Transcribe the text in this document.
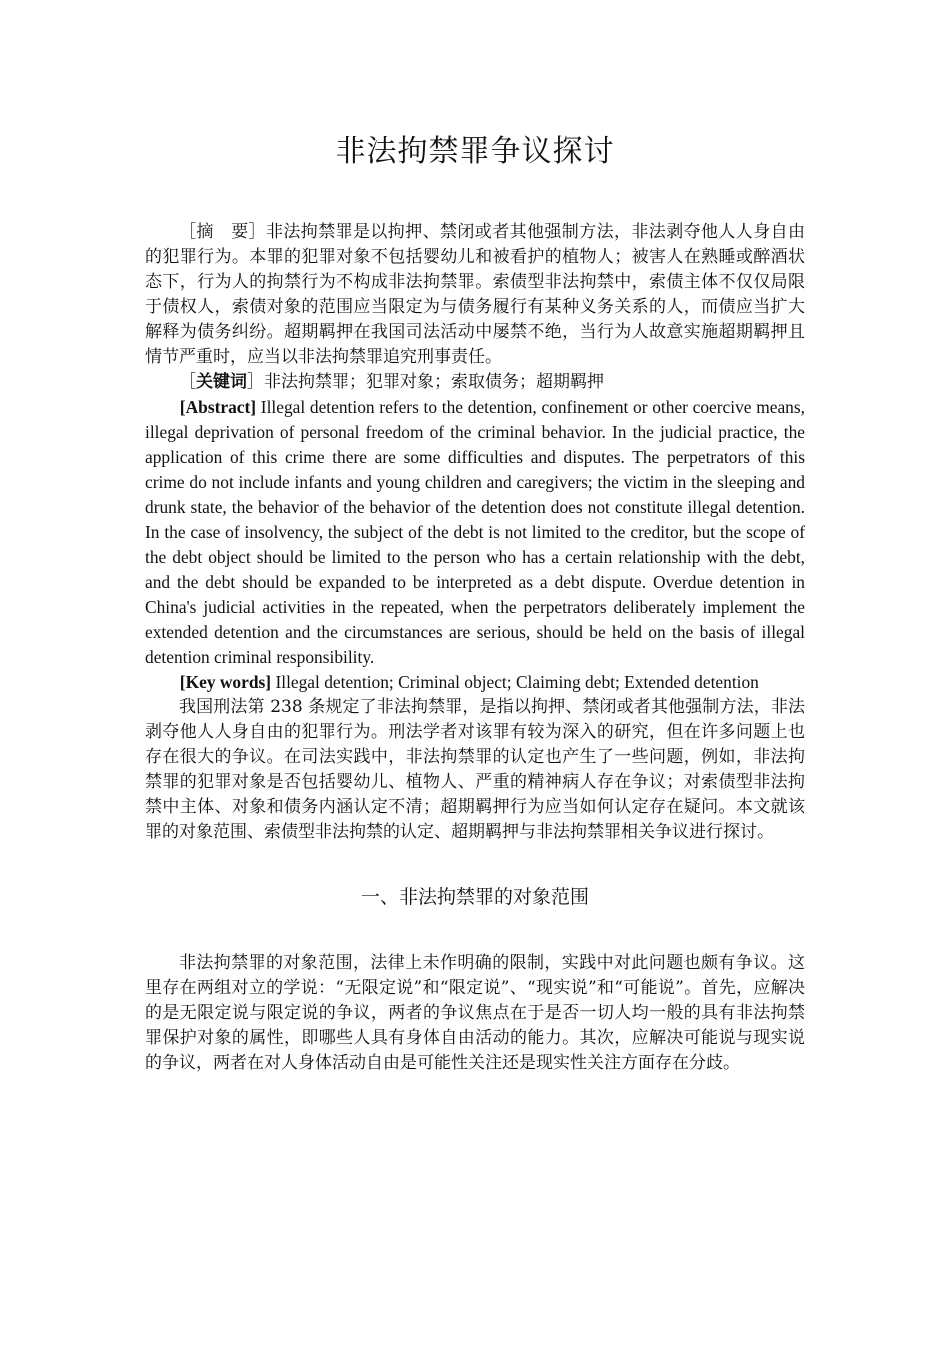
非法拘禁罪争议探讨

［摘　要］非法拘禁罪是以拘押、禁闭或者其他强制方法，非法剥夺他人人身自由的犯罪行为。本罪的犯罪对象不包括婴幼儿和被看护的植物人；被害人在熟睡或醉酒状态下，行为人的拘禁行为不构成非法拘禁罪。索债型非法拘禁中，索债主体不仅仅局限于债权人，索债对象的范围应当限定为与债务履行有某种义务关系的人，而债应当扩大解释为债务纠纷。超期羁押在我国司法活动中屡禁不绝，当行为人故意实施超期羁押且情节严重时，应当以非法拘禁罪追究刑事责任。

［关键词］非法拘禁罪；犯罪对象；索取债务；超期羁押

[Abstract] Illegal detention refers to the detention, confinement or other coercive means, illegal deprivation of personal freedom of the criminal behavior. In the judicial practice, the application of this crime there are some difficulties and disputes. The perpetrators of this crime do not include infants and young children and caregivers; the victim in the sleeping and drunk state, the behavior of the behavior of the detention does not constitute illegal detention. In the case of insolvency, the subject of the debt is not limited to the creditor, but the scope of the debt object should be limited to the person who has a certain relationship with the debt, and the debt should be expanded to be interpreted as a debt dispute. Overdue detention in China's judicial activities in the repeated, when the perpetrators deliberately implement the extended detention and the circumstances are serious, should be held on the basis of illegal detention criminal responsibility.

[Key words] Illegal detention; Criminal object; Claiming debt; Extended detention

我国刑法第 238 条规定了非法拘禁罪，是指以拘押、禁闭或者其他强制方法，非法剥夺他人人身自由的犯罪行为。刑法学者对该罪有较为深入的研究，但在许多问题上也存在很大的争议。在司法实践中，非法拘禁罪的认定也产生了一些问题，例如，非法拘禁罪的犯罪对象是否包括婴幼儿、植物人、严重的精神病人存在争议；对索债型非法拘禁中主体、对象和债务内涵认定不清；超期羁押行为应当如何认定存在疑问。本文就该罪的对象范围、索债型非法拘禁的认定、超期羁押与非法拘禁罪相关争议进行探讨。

一、非法拘禁罪的对象范围

非法拘禁罪的对象范围，法律上未作明确的限制，实践中对此问题也颇有争议。这里存在两组对立的学说：“无限定说”和“限定说”、“现实说”和“可能说”。首先，应解决的是无限定说与限定说的争议，两者的争议焦点在于是否一切人均一般的具有非法拘禁罪保护对象的属性，即哪些人具有身体自由活动的能力。其次，应解决可能说与现实说的争议，两者在对人身体活动自由是可能性关注还是现实性关注方面存在分歧。
